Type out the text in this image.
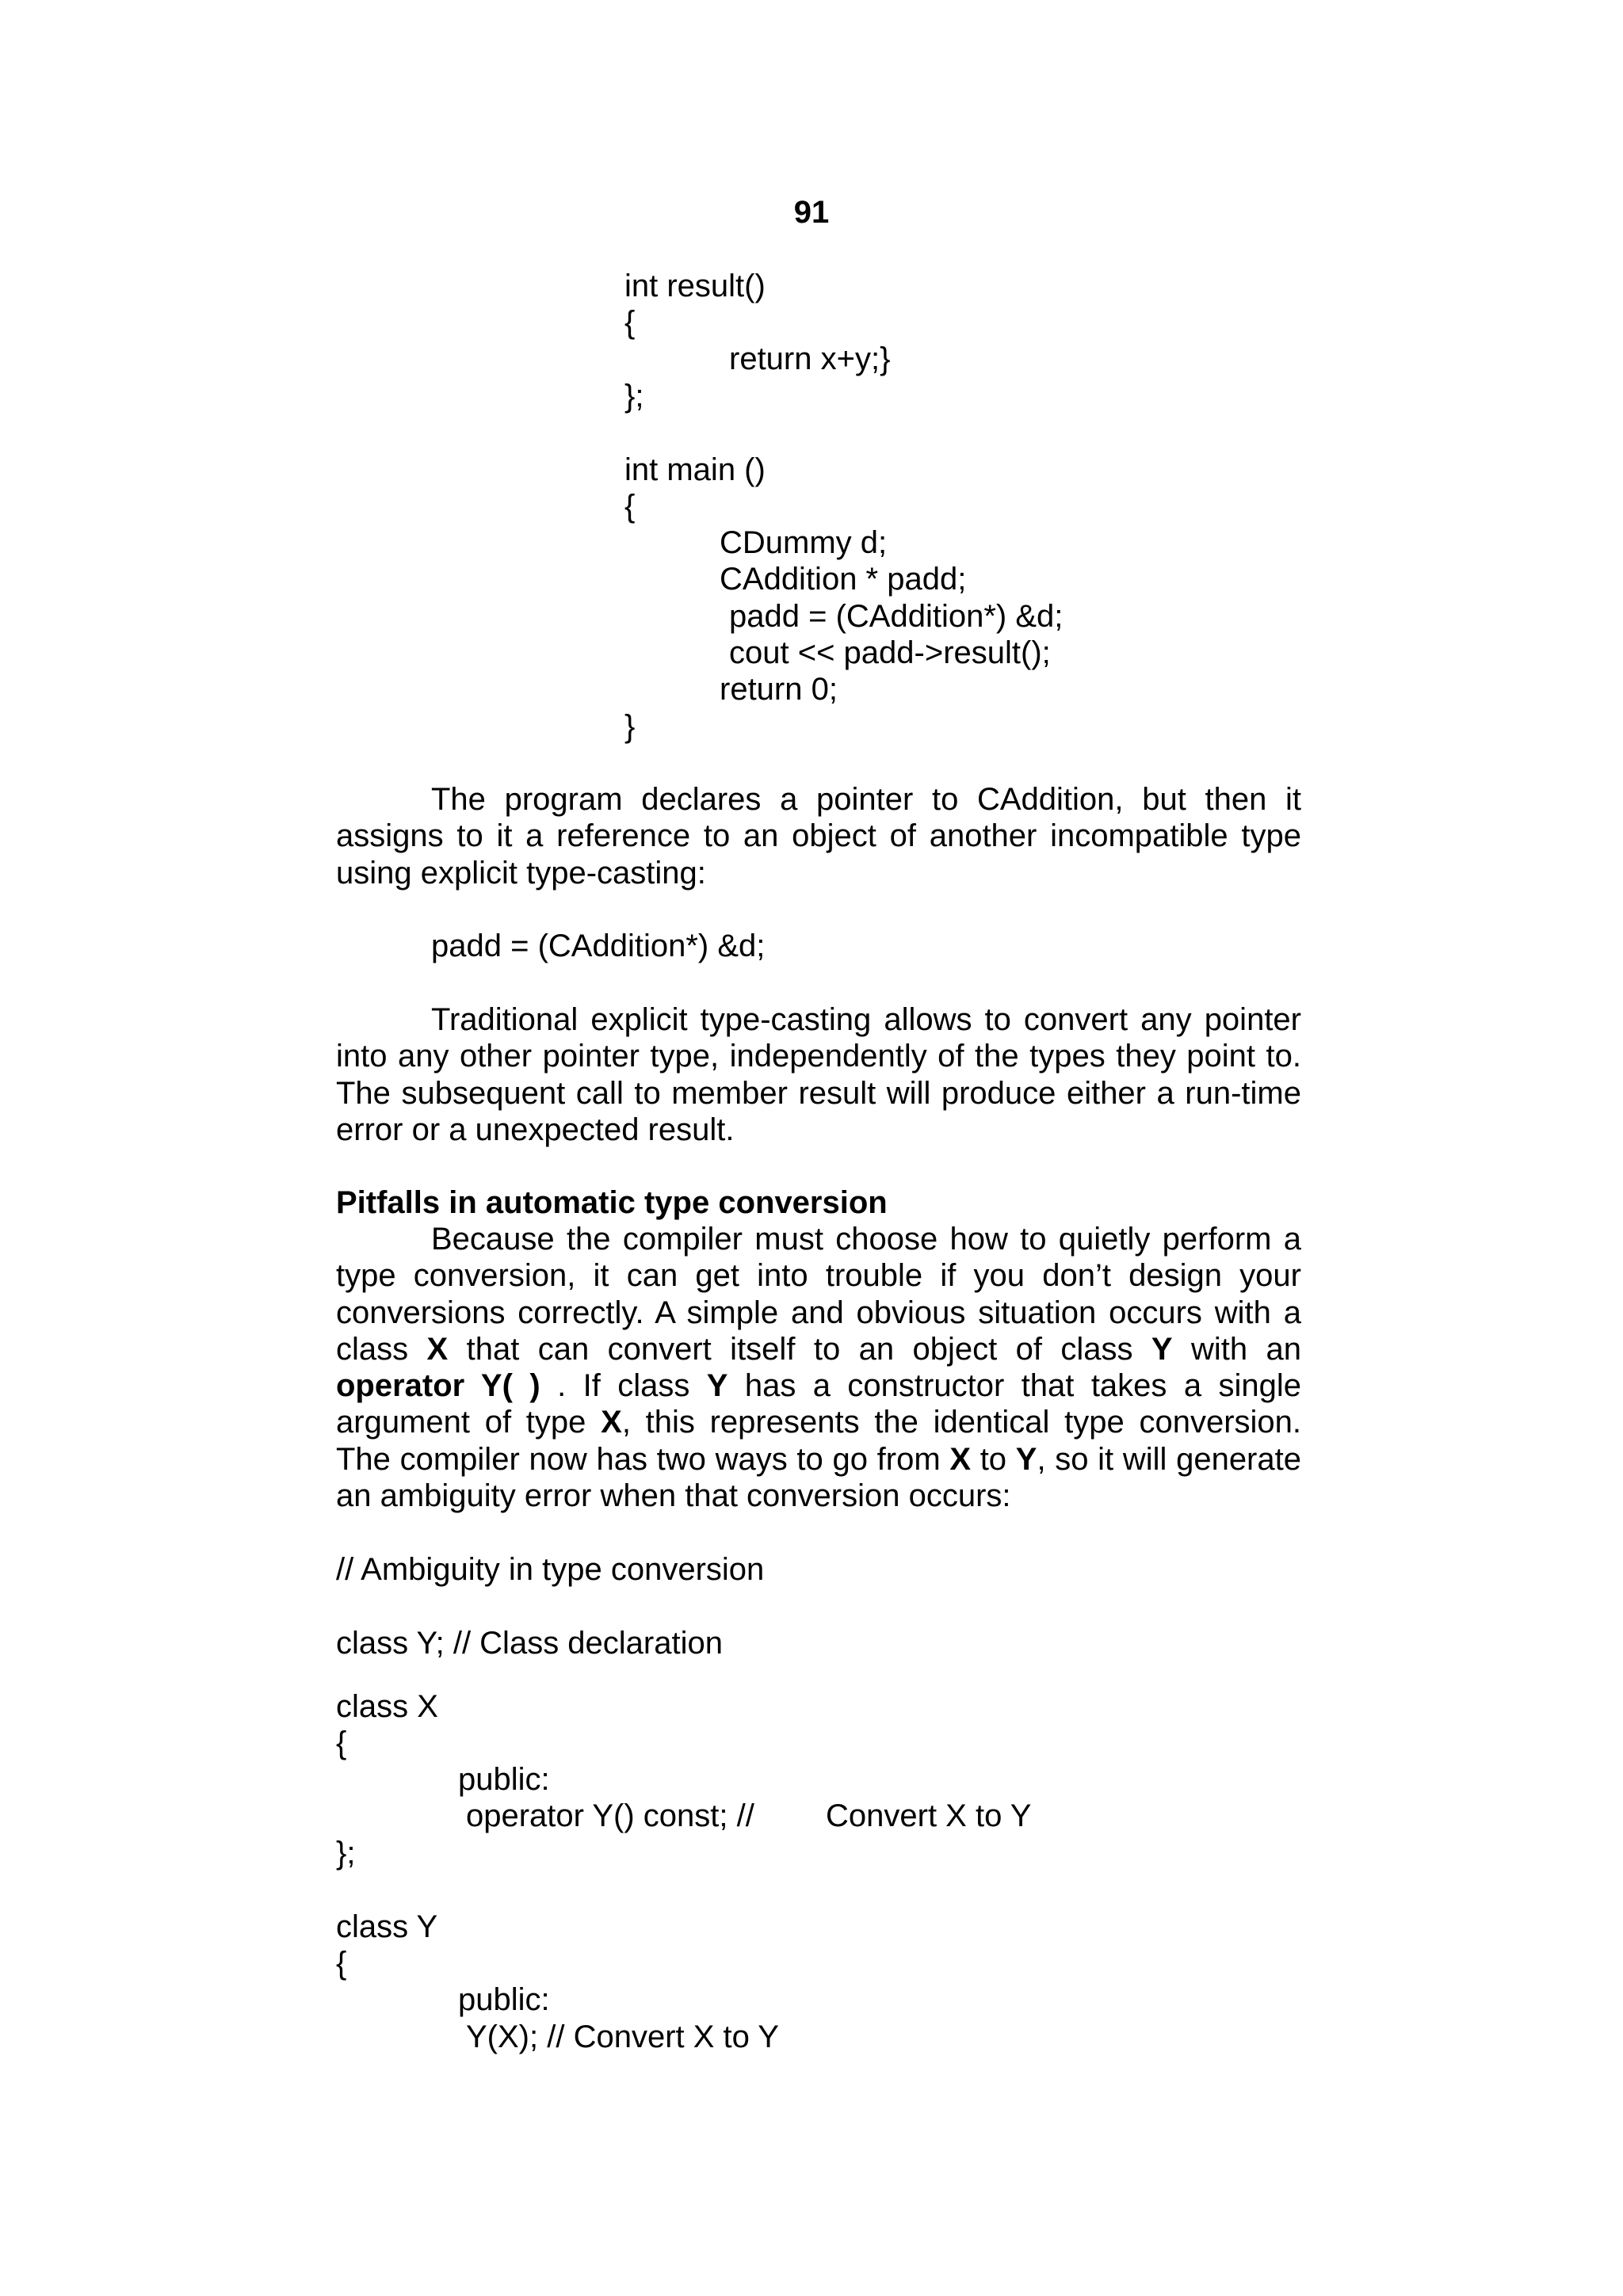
91
int result()
{
return x+y;}
};
int main ()
{
CDummy d;
CAddition * padd;
padd = (CAddition*) &d;
cout << padd->result();
return 0;
}
The program declares a pointer to CAddition, but then it assigns to it a reference to an object of another incompatible type using explicit type-casting:
padd = (CAddition*) &d;
Traditional explicit type-casting allows to convert any pointer into any other pointer type, independently of the types they point to. The subsequent call to member result will produce either a run-time error or a unexpected result.
Pitfalls in automatic type conversion
Because the compiler must choose how to quietly perform a type conversion, it can get into trouble if you don’t design your conversions correctly. A simple and obvious situation occurs with a class X that can convert itself to an object of class Y with an operator Y( ) . If class Y has a constructor that takes a single argument of type X, this represents the identical type conversion. The compiler now has two ways to go from X to Y, so it will generate an ambiguity error when that conversion occurs:
// Ambiguity in type conversion
class Y; // Class declaration
class X
{
public:
operator Y() const; // Convert X to Y
};
class Y
{
public:
Y(X); // Convert X to Y
